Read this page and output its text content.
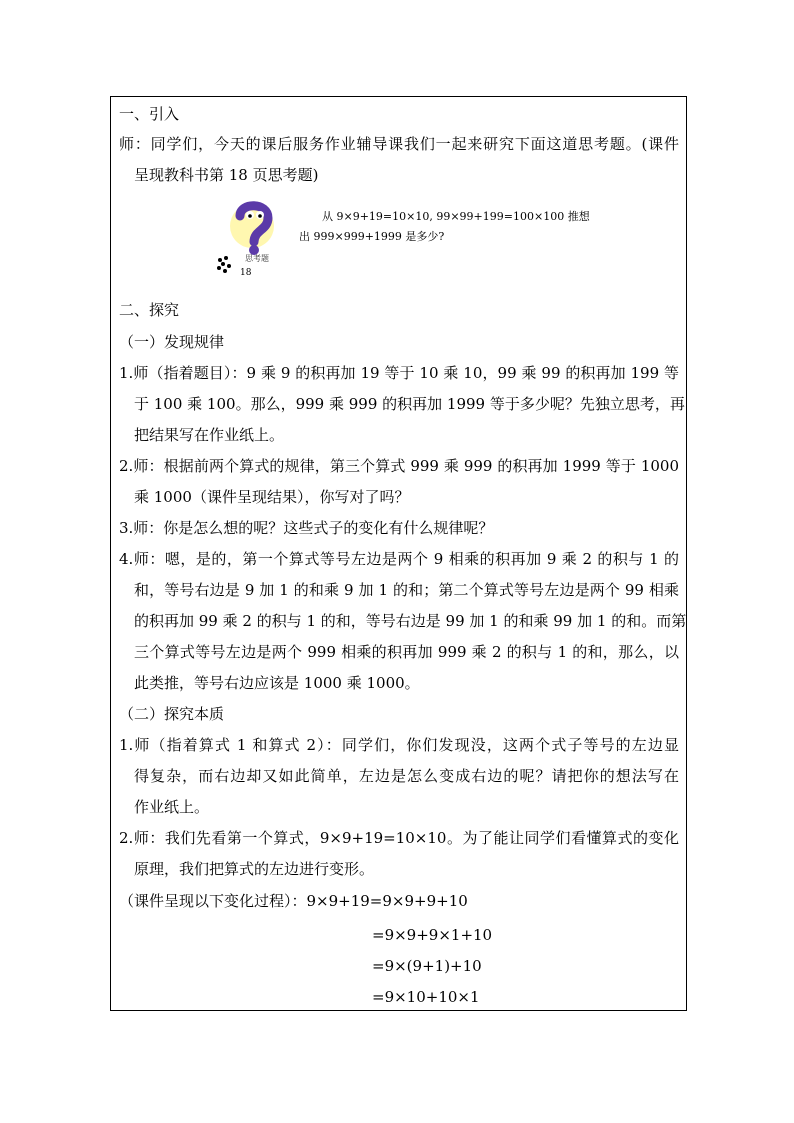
一、引入
师：同学们，今天的课后服务作业辅导课我们一起来研究下面这道思考题。(课件
呈现教科书第 18 页思考题)
思考题
18
从 9×9+19=10×10, 99×99+199=100×100 推想
出 999×999+1999 是多少?
二、探究
（一）发现规律
1.师（指着题目）：9 乘 9 的积再加 19 等于 10 乘 10，99 乘 99 的积再加 199 等
于 100 乘 100。那么，999 乘 999 的积再加 1999 等于多少呢？先独立思考，再
把结果写在作业纸上。
2.师：根据前两个算式的规律，第三个算式 999 乘 999 的积再加 1999 等于 1000
乘 1000（课件呈现结果），你写对了吗？
3.师：你是怎么想的呢？这些式子的变化有什么规律呢？
4.师：嗯，是的，第一个算式等号左边是两个 9 相乘的积再加 9 乘 2 的积与 1 的
和，等号右边是 9 加 1 的和乘 9 加 1 的和；第二个算式等号左边是两个 99 相乘
的积再加 99 乘 2 的积与 1 的和，等号右边是 99 加 1 的和乘 99 加 1 的和。而第
三个算式等号左边是两个 999 相乘的积再加 999 乘 2 的积与 1 的和，那么，以
此类推，等号右边应该是 1000 乘 1000。
（二）探究本质
1.师（指着算式 1 和算式 2）：同学们，你们发现没，这两个式子等号的左边显
得复杂，而右边却又如此简单，左边是怎么变成右边的呢？请把你的想法写在
作业纸上。
2.师：我们先看第一个算式，9×9+19=10×10。为了能让同学们看懂算式的变化
原理，我们把算式的左边进行变形。
（课件呈现以下变化过程）：9×9+19=9×9+9+10
=9×9+9×1+10
=9×(9+1)+10
=9×10+10×1
